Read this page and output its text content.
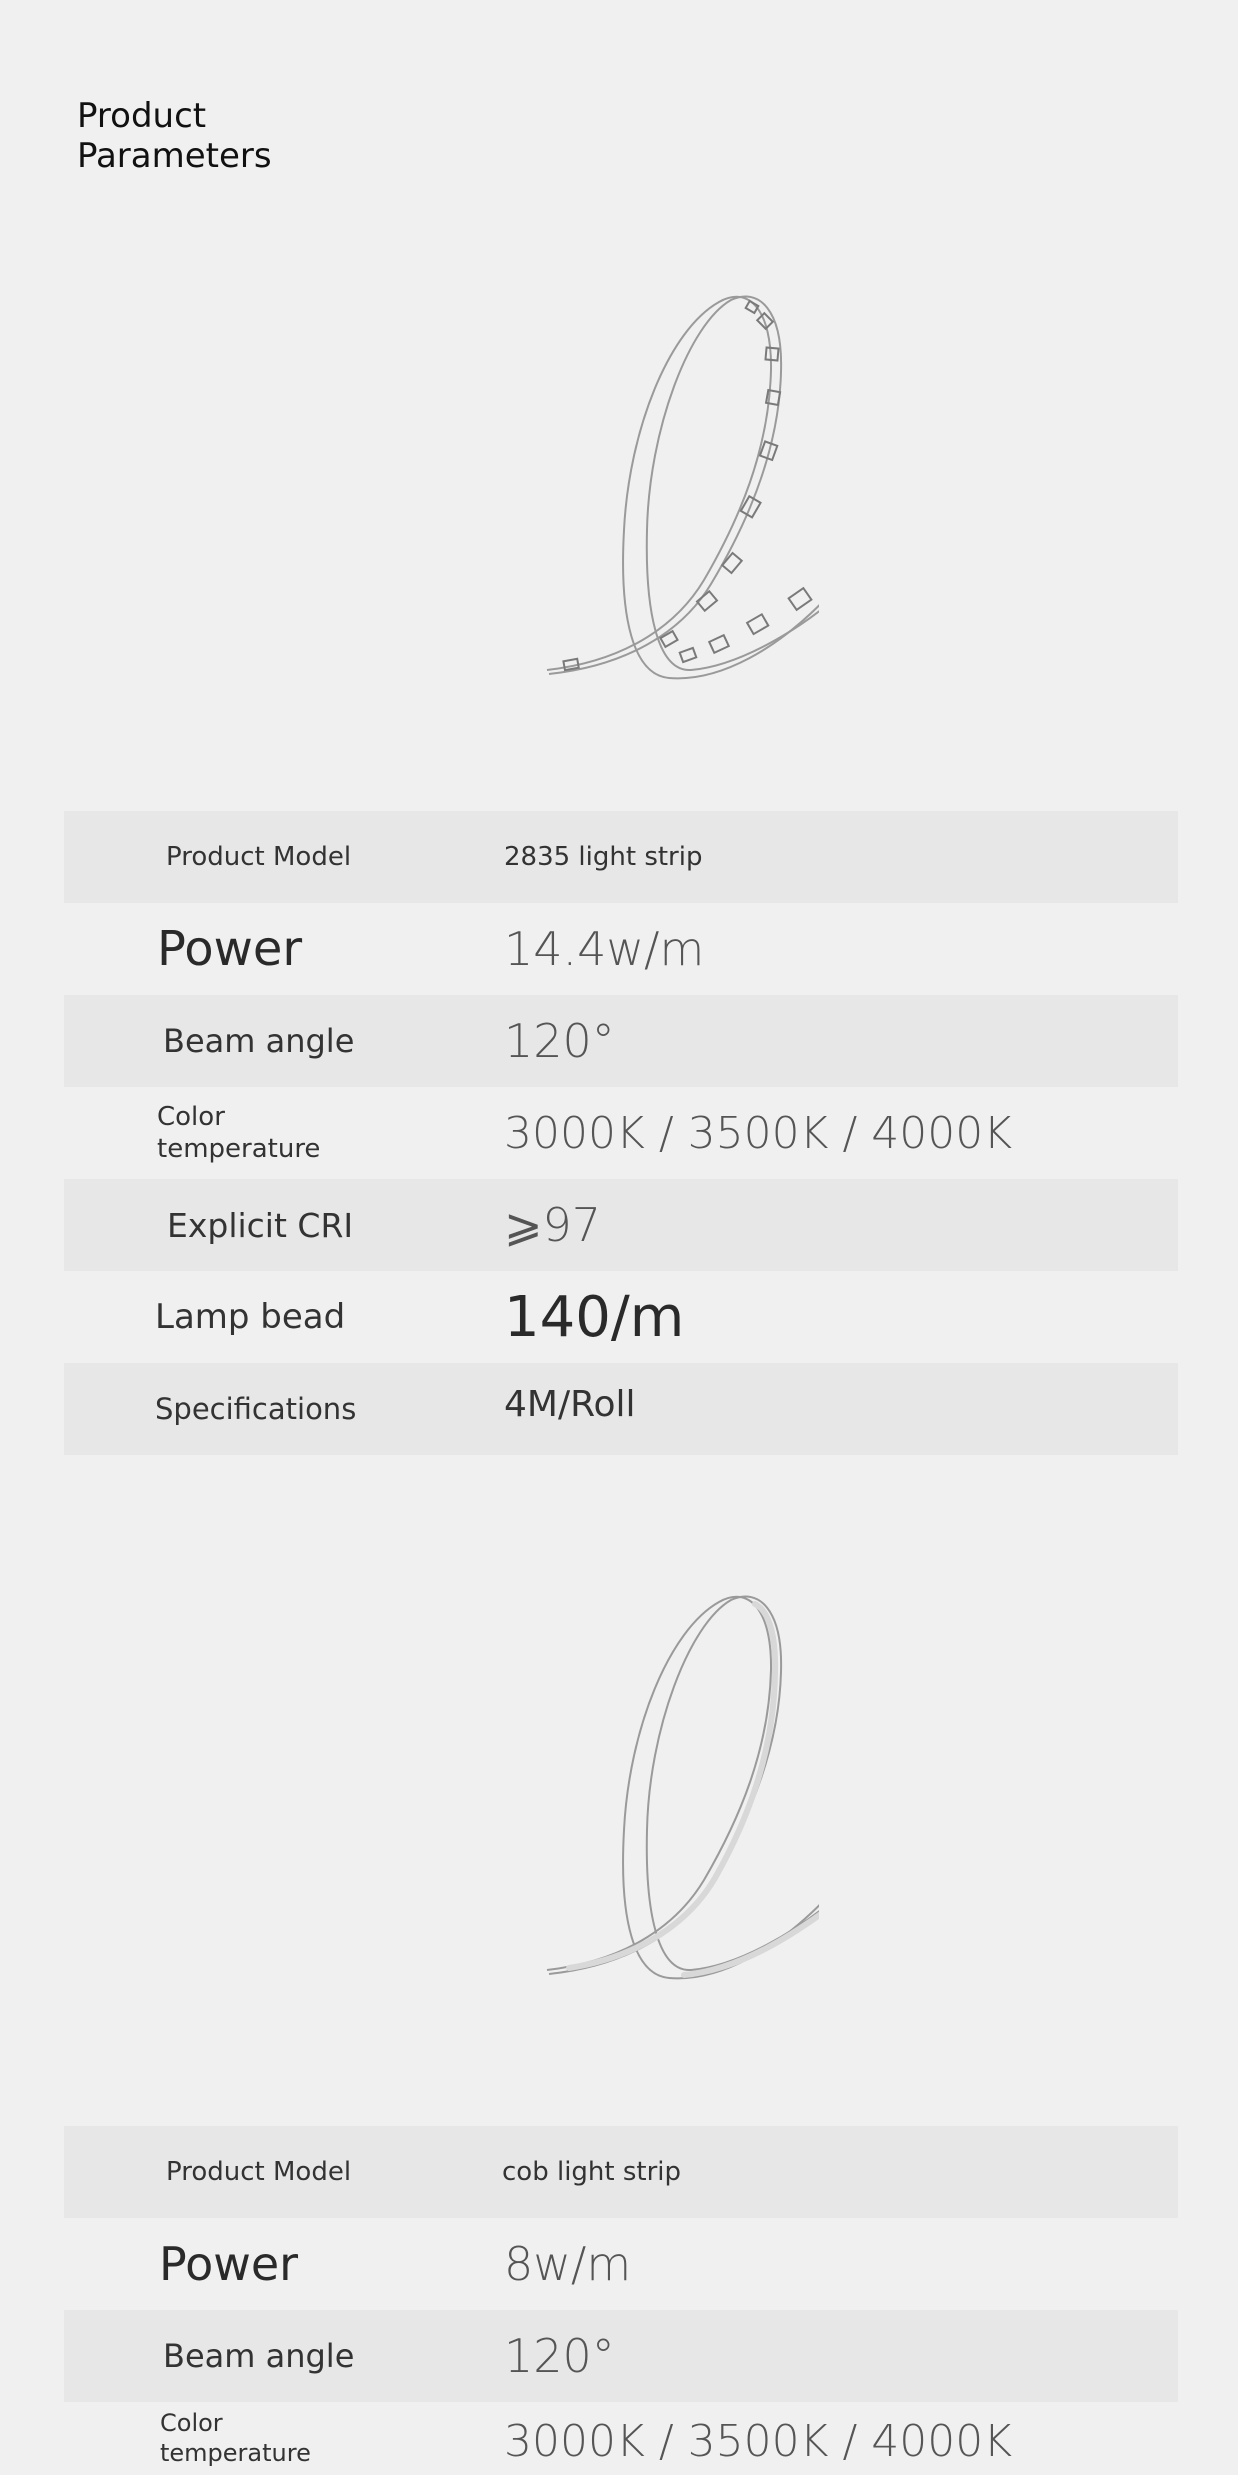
Product
Parameters
Product Model	2835 light strip
Power	14.4w/m
Beam angle	120°
Color
temperature	3000K / 3500K / 4000K
Explicit CRI	⩾97
Lamp bead	140/m
Specifications	4M/Roll
Product Model	cob light strip
Power	8w/m
Beam angle	120°
Color
temperature	3000K / 3500K / 4000K
